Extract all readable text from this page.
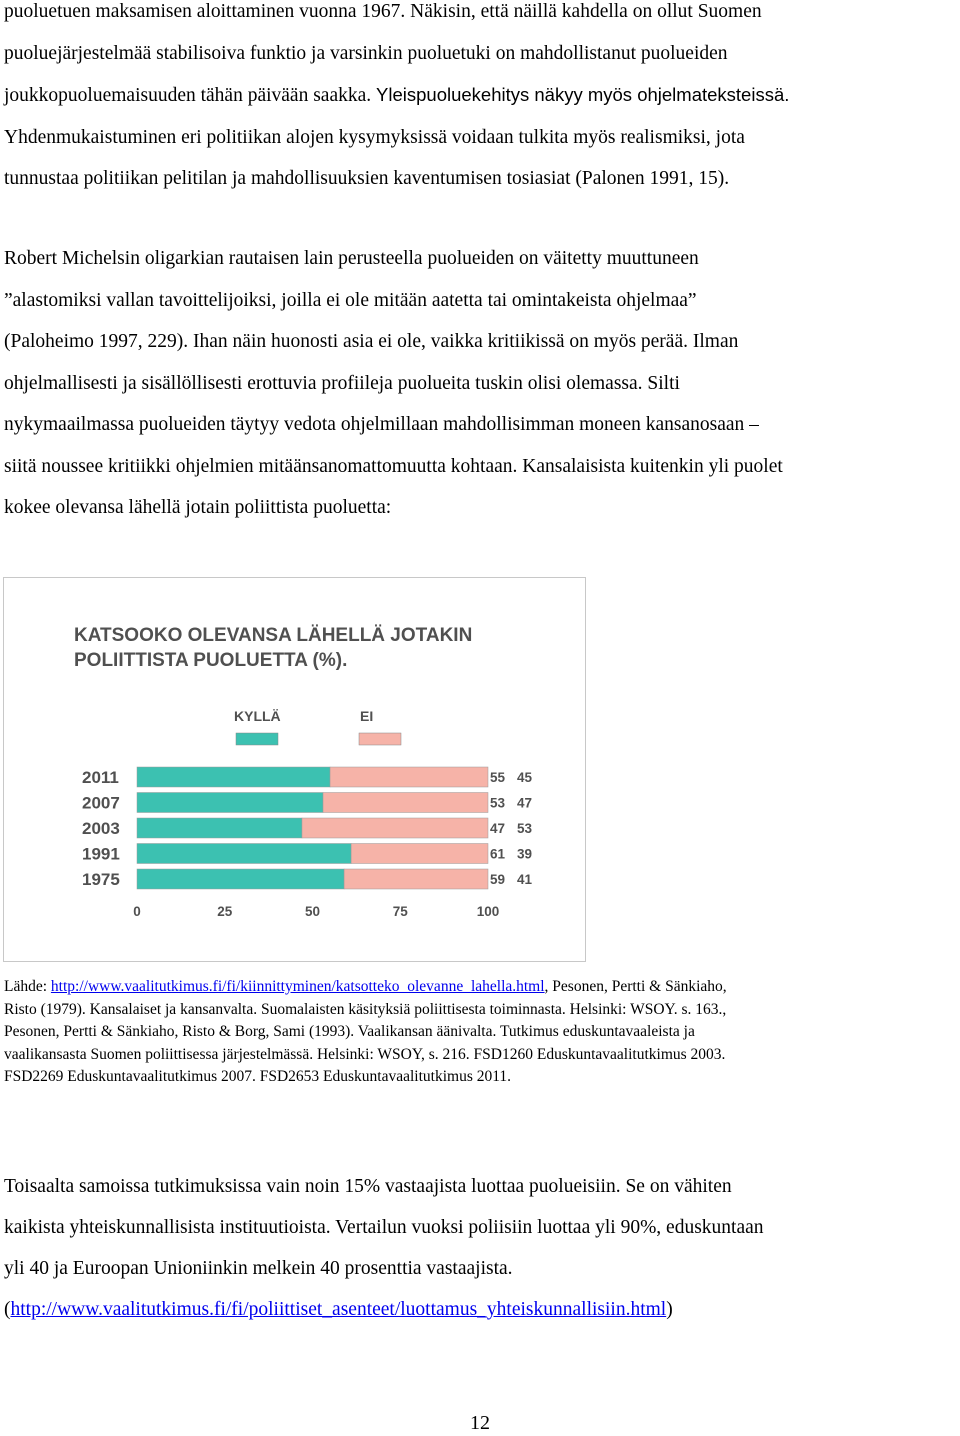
puoluetuen maksamisen aloittaminen vuonna 1967. Näkisin, että näillä kahdella on ollut Suomen
puoluejärjestelmää stabilisoiva funktio ja varsinkin puoluetuki on mahdollistanut puolueiden
joukkopuoluemaisuuden tähän päivään saakka. Yleispuoluekehitys näkyy myös ohjelmateksteissä.
Yhdenmukaistuminen eri politiikan alojen kysymyksissä voidaan tulkita myös realismiksi, jota
tunnustaa politiikan pelitilan ja mahdollisuuksien kaventumisen tosiasiat (Palonen 1991, 15).
Robert Michelsin oligarkian rautaisen lain perusteella puolueiden on väitetty muuttuneen
”alastomiksi vallan tavoittelijoiksi, joilla ei ole mitään aatetta tai omintakeista ohjelmaa”
(Paloheimo 1997, 229). Ihan näin huonosti asia ei ole, vaikka kritiikissä on myös perää. Ilman
ohjelmallisesti ja sisällöllisesti erottuvia profiileja puolueita tuskin olisi olemassa. Silti
nykymaailmassa puolueiden täytyy vedota ohjelmillaan mahdollisimman moneen kansanosaan –
siitä noussee kritiikki ohjelmien mitäänsanomattomuutta kohtaan. Kansalaisista kuitenkin yli puolet
kokee olevansa lähellä jotain poliittista puoluetta:
KATSOOKO OLEVANSA LÄHELLÄ JOTAKIN
POLIITTISTA PUOLUETTA (%).
KYLLÄ	EI
2011	55 45
2007	53 47
2003	47 53
1991	61 39
1975	59 41
0	25	50	75	100
Lähde: http://www.vaalitutkimus.fi/fi/kiinnittyminen/katsotteko_olevanne_lahella.html, Pesonen, Pertti & Sänkiaho,
Risto (1979). Kansalaiset ja kansanvalta. Suomalaisten käsityksiä poliittisesta toiminnasta. Helsinki: WSOY. s. 163.,
Pesonen, Pertti & Sänkiaho, Risto & Borg, Sami (1993). Vaalikansan äänivalta. Tutkimus eduskuntavaaleista ja
vaalikansasta Suomen poliittisessa järjestelmässä. Helsinki: WSOY, s. 216. FSD1260 Eduskuntavaalitutkimus 2003.
FSD2269 Eduskuntavaalitutkimus 2007. FSD2653 Eduskuntavaalitutkimus 2011.
Toisaalta samoissa tutkimuksissa vain noin 15% vastaajista luottaa puolueisiin. Se on vähiten
kaikista yhteiskunnallisista instituutioista. Vertailun vuoksi poliisiin luottaa yli 90%, eduskuntaan
yli 40 ja Euroopan Unioniinkin melkein 40 prosenttia vastaajista.
(http://www.vaalitutkimus.fi/fi/poliittiset_asenteet/luottamus_yhteiskunnallisiin.html)
12
